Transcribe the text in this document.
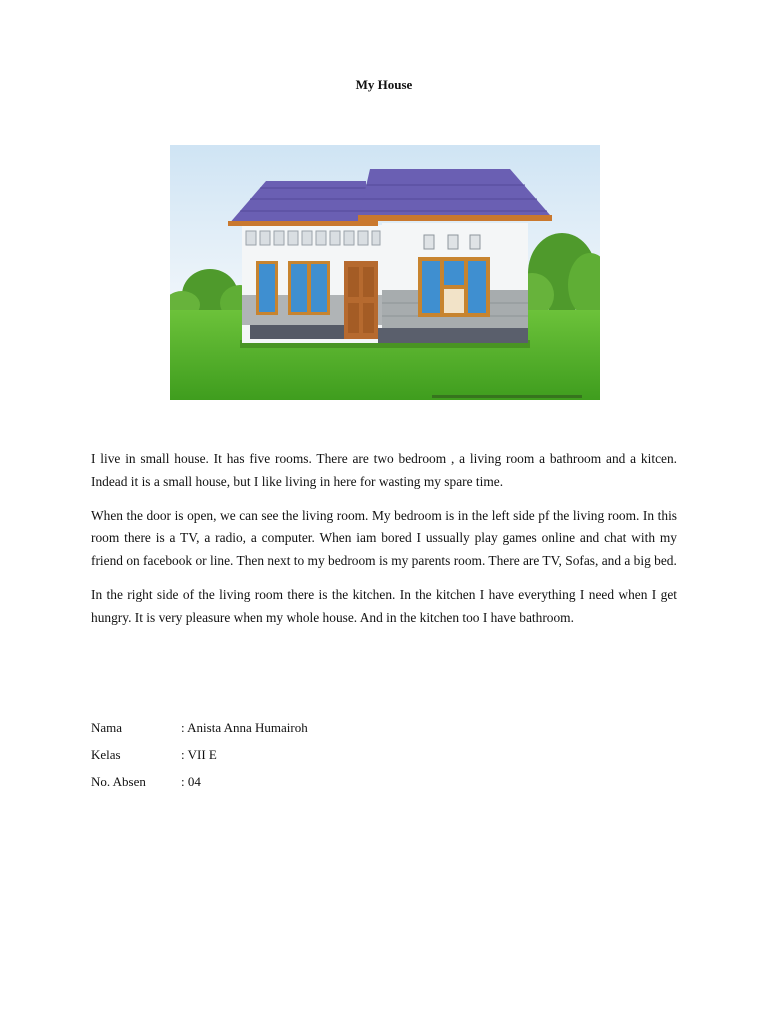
My House

I live in small house. It has five rooms. There are two bedroom , a living room a bathroom and a kitcen. Indead it is a small house, but I like living in here for wasting my spare time.

When the door is open, we can see the living room. My bedroom is in the left side pf the living room. In this room there is a TV, a radio, a computer. When iam bored I ussually play games online and chat with my friend on facebook or line. Then next to my bedroom is my parents room. There are TV, Sofas, and a big bed.

In the right side of the living room there is the kitchen. In the kitchen I have everything I need when I get hungry. It is very pleasure when my whole house. And in the kitchen too I have bathroom.

Nama	: Anista Anna Humairoh
Kelas	: VII E
No. Absen	: 04
